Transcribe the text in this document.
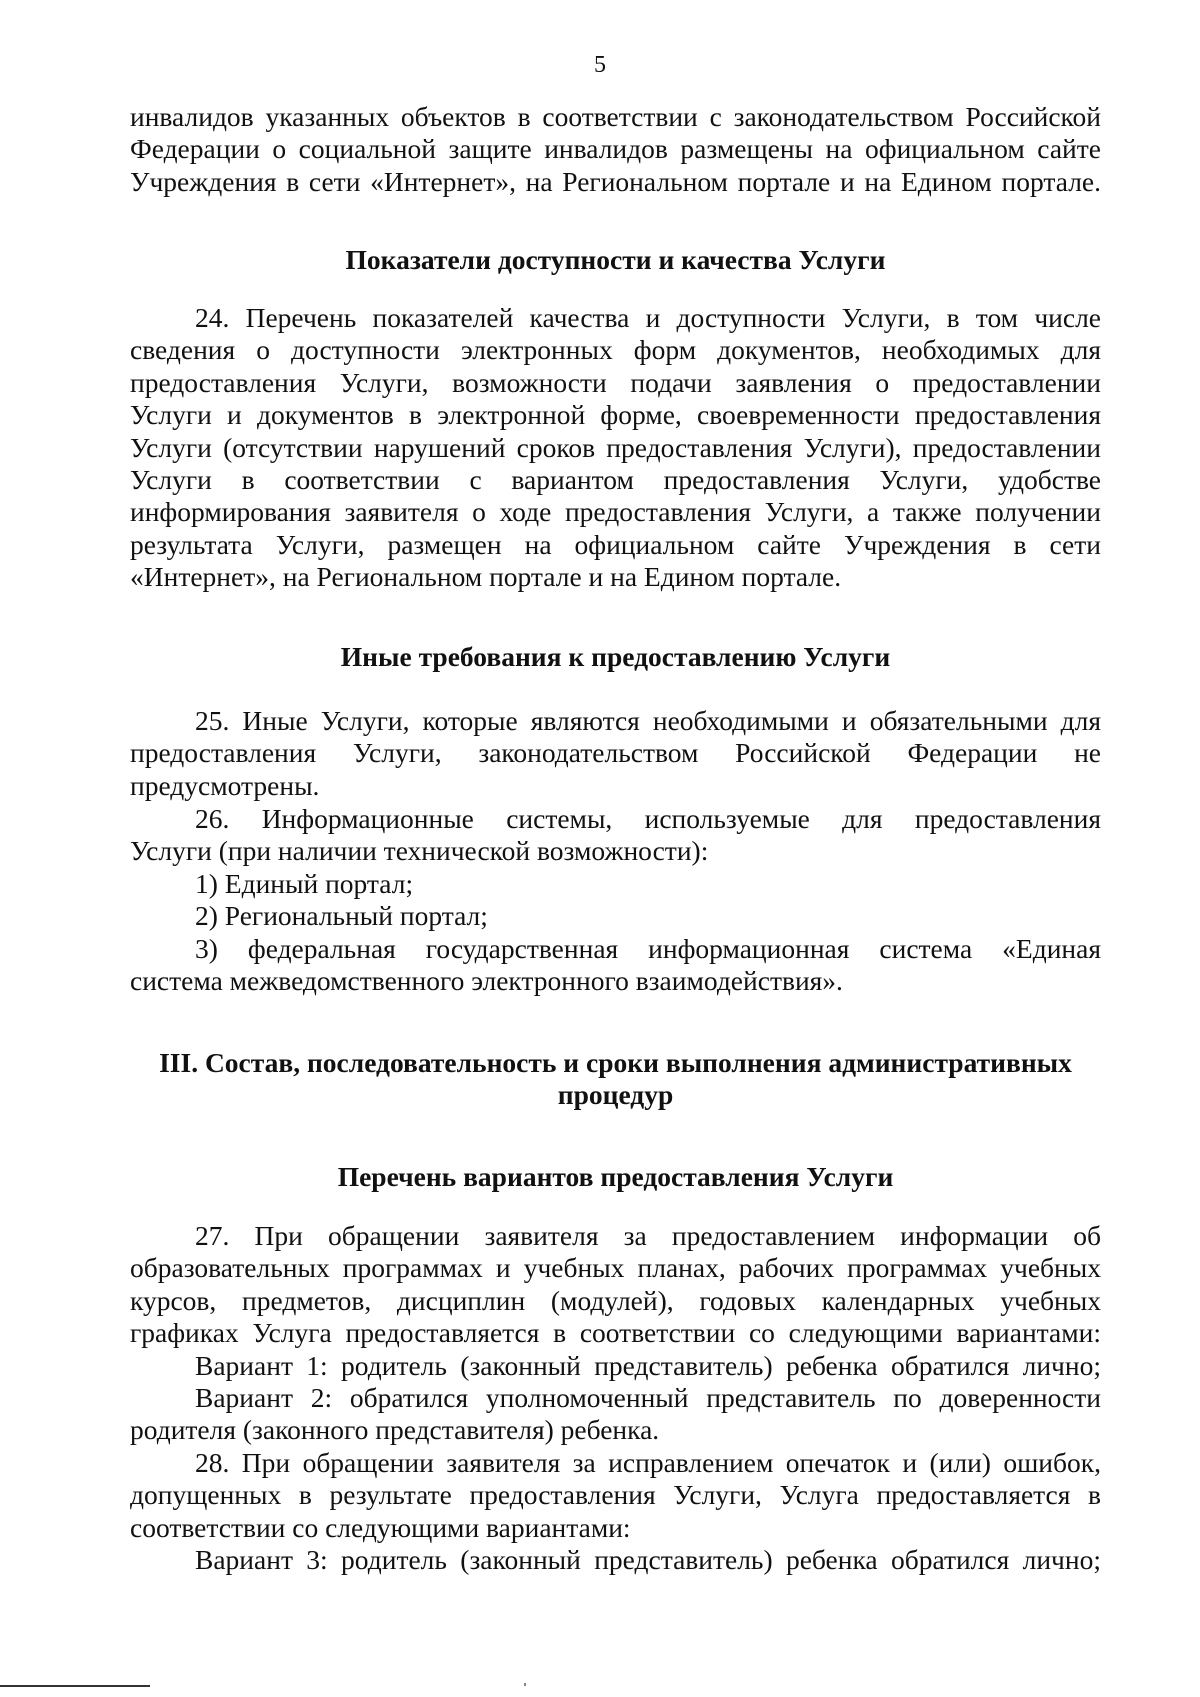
5
инвалидов указанных объектов в соответствии с законодательством Российской
Федерации о социальной защите инвалидов размещены на официальном сайте
Учреждения в сети «Интернет», на Региональном портале и на Едином портале.
Показатели доступности и качества Услуги
24. Перечень показателей качества и доступности Услуги, в том числе
сведения о доступности электронных форм документов, необходимых для
предоставления Услуги, возможности подачи заявления о предоставлении
Услуги и документов в электронной форме, своевременности предоставления
Услуги (отсутствии нарушений сроков предоставления Услуги), предоставлении
Услуги в соответствии с вариантом предоставления Услуги, удобстве
информирования заявителя о ходе предоставления Услуги, а также получении
результата Услуги, размещен на официальном сайте Учреждения в сети
«Интернет», на Региональном портале и на Едином портале.
Иные требования к предоставлению Услуги
25. Иные Услуги, которые являются необходимыми и обязательными для
предоставления Услуги, законодательством Российской Федерации не
предусмотрены.
26. Информационные системы, используемые для предоставления
Услуги (при наличии технической возможности):
1) Единый портал;
2) Региональный портал;
3) федеральная государственная информационная система «Единая
система межведомственного электронного взаимодействия».
III. Состав, последовательность и сроки выполнения административных
процедур
Перечень вариантов предоставления Услуги
27. При обращении заявителя за предоставлением информации об
образовательных программах и учебных планах, рабочих программах учебных
курсов, предметов, дисциплин (модулей), годовых календарных учебных
графиках Услуга предоставляется в соответствии со следующими вариантами:
Вариант 1: родитель (законный представитель) ребенка обратился лично;
Вариант 2: обратился уполномоченный представитель по доверенности
родителя (законного представителя) ребенка.
28. При обращении заявителя за исправлением опечаток и (или) ошибок,
допущенных в результате предоставления Услуги, Услуга предоставляется в
соответствии со следующими вариантами:
Вариант 3: родитель (законный представитель) ребенка обратился лично;
